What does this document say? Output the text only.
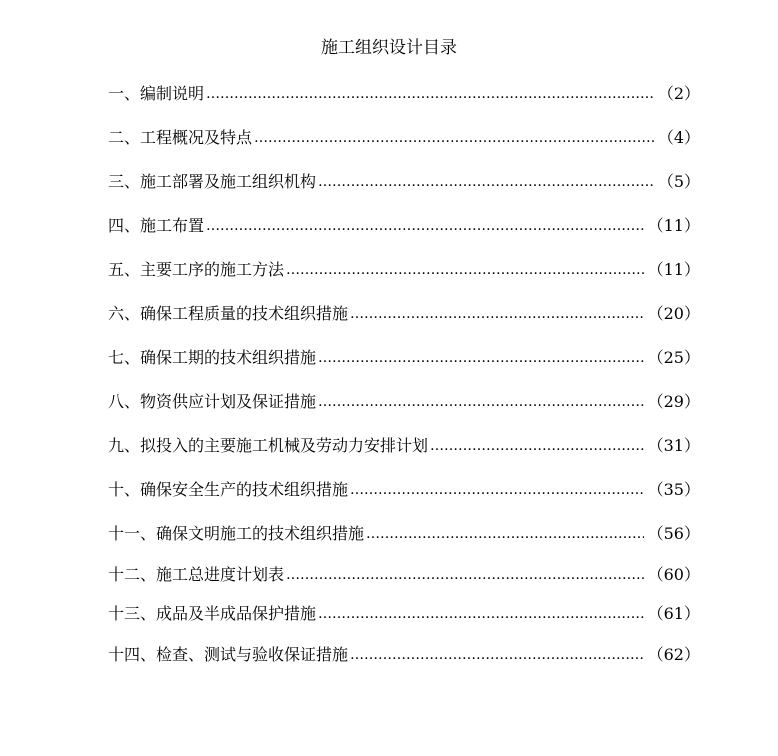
施工组织设计目录
一、编制说明 ………………………………………………………………………………………………………………………………………………………………………………………………	（2）
二、工程概况及特点 ………………………………………………………………………………………………………………………………………………………………………………………………	（4）
三、施工部署及施工组织机构 ………………………………………………………………………………………………………………………………………………………………………………………………	（5）
四、施工布置 ………………………………………………………………………………………………………………………………………………………………………………………………	（11）
五、主要工序的施工方法 ………………………………………………………………………………………………………………………………………………………………………………………………	（11）
六、确保工程质量的技术组织措施 ………………………………………………………………………………………………………………………………………………………………………………………………	（20）
七、确保工期的技术组织措施 ………………………………………………………………………………………………………………………………………………………………………………………………	（25）
八、物资供应计划及保证措施 ………………………………………………………………………………………………………………………………………………………………………………………………	（29）
九、拟投入的主要施工机械及劳动力安排计划 ………………………………………………………………………………………………………………………………………………………………………………………………	（31）
十、确保安全生产的技术组织措施 ………………………………………………………………………………………………………………………………………………………………………………………………	（35）
十一、确保文明施工的技术组织措施 ………………………………………………………………………………………………………………………………………………………………………………………………	（56）
十二、施工总进度计划表 ………………………………………………………………………………………………………………………………………………………………………………………………	（60）
十三、成品及半成品保护措施 ………………………………………………………………………………………………………………………………………………………………………………………………	（61）
十四、检查、测试与验收保证措施 ………………………………………………………………………………………………………………………………………………………………………………………………	（62）
